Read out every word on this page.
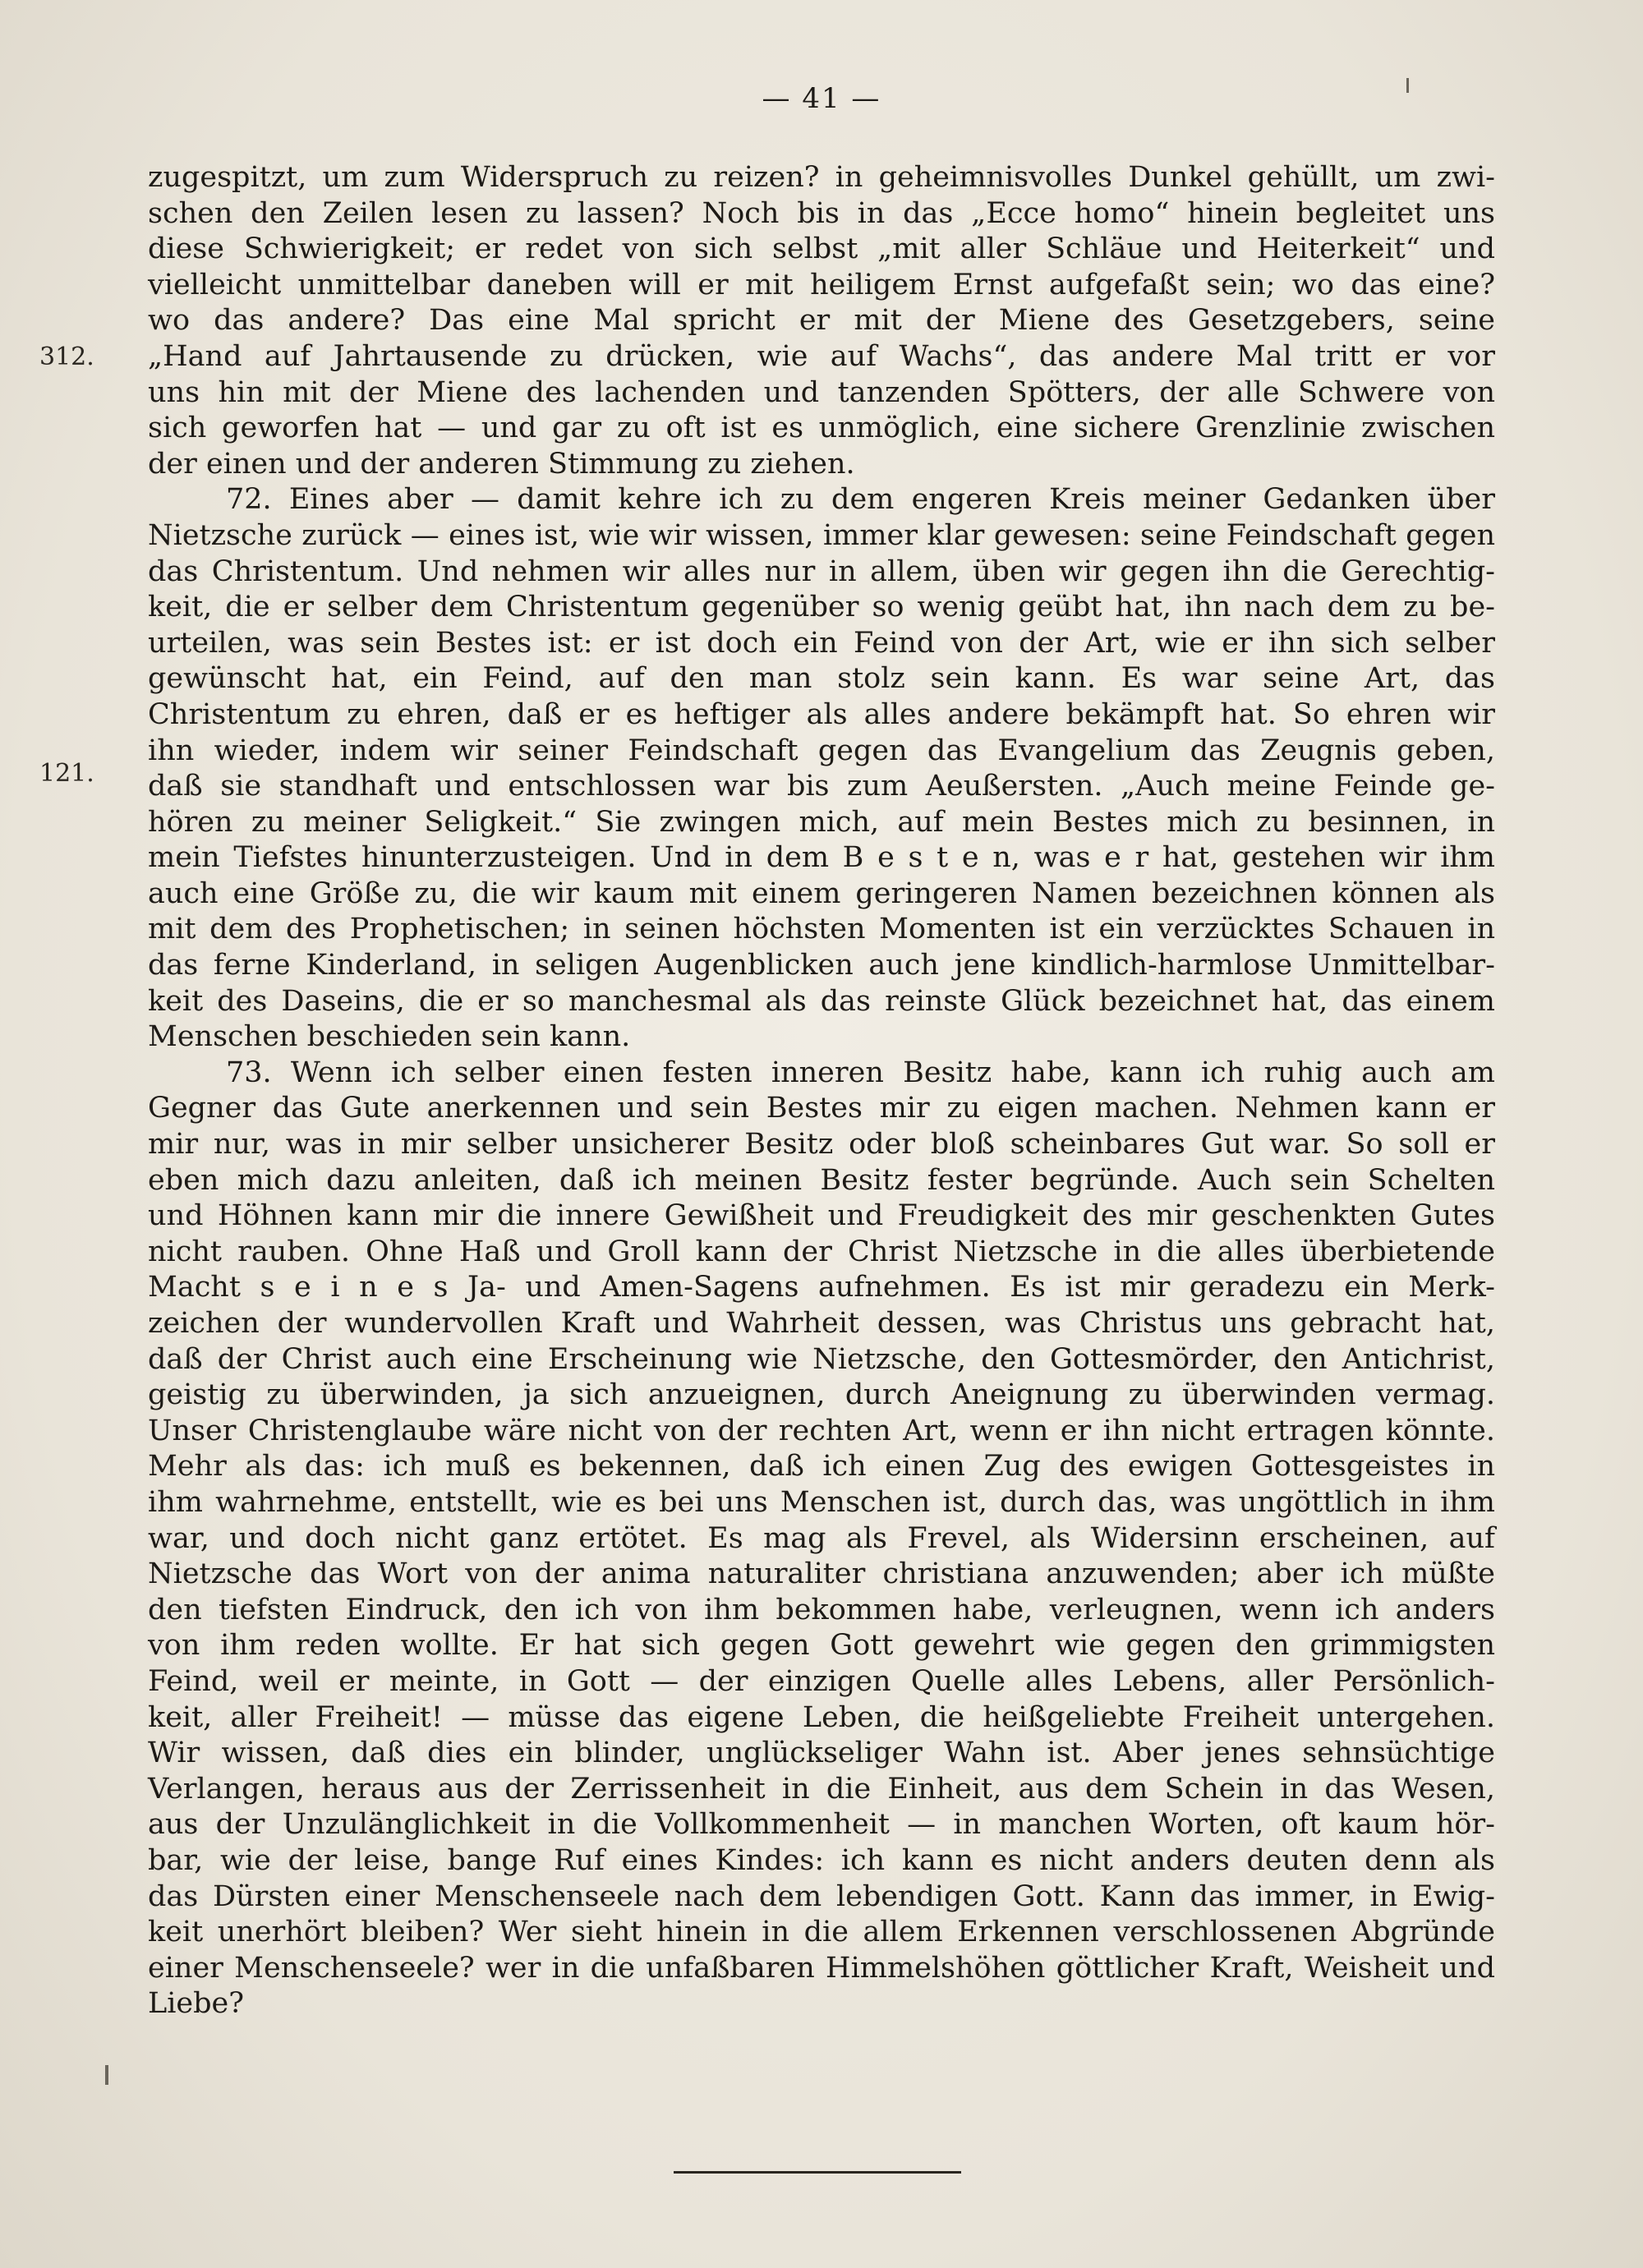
— 41 —
312.
121.
zugespitzt, um zum Widerspruch zu reizen? in geheimnisvolles Dunkel gehüllt, um zwi-
schen den Zeilen lesen zu lassen? Noch bis in das „Ecce homo“ hinein begleitet uns
diese Schwierigkeit; er redet von sich selbst „mit aller Schläue und Heiterkeit“ und
vielleicht unmittelbar daneben will er mit heiligem Ernst aufgefaßt sein; wo das eine?
wo das andere? Das eine Mal spricht er mit der Miene des Gesetzgebers, seine
„Hand auf Jahrtausende zu drücken, wie auf Wachs“, das andere Mal tritt er vor
uns hin mit der Miene des lachenden und tanzenden Spötters, der alle Schwere von
sich geworfen hat — und gar zu oft ist es unmöglich, eine sichere Grenzlinie zwischen
der einen und der anderen Stimmung zu ziehen.
72. Eines aber — damit kehre ich zu dem engeren Kreis meiner Gedanken über
Nietzsche zurück — eines ist, wie wir wissen, immer klar gewesen: seine Feindschaft gegen
das Christentum. Und nehmen wir alles nur in allem, üben wir gegen ihn die Gerechtig-
keit, die er selber dem Christentum gegenüber so wenig geübt hat, ihn nach dem zu be-
urteilen, was sein Bestes ist: er ist doch ein Feind von der Art, wie er ihn sich selber
gewünscht hat, ein Feind, auf den man stolz sein kann. Es war seine Art, das
Christentum zu ehren, daß er es heftiger als alles andere bekämpft hat. So ehren wir
ihn wieder, indem wir seiner Feindschaft gegen das Evangelium das Zeugnis geben,
daß sie standhaft und entschlossen war bis zum Aeußersten. „Auch meine Feinde ge-
hören zu meiner Seligkeit.“ Sie zwingen mich, auf mein Bestes mich zu besinnen, in
mein Tiefstes hinunterzusteigen. Und in dem B e s t e n, was e r hat, gestehen wir ihm
auch eine Größe zu, die wir kaum mit einem geringeren Namen bezeichnen können als
mit dem des Prophetischen; in seinen höchsten Momenten ist ein verzücktes Schauen in
das ferne Kinderland, in seligen Augenblicken auch jene kindlich-harmlose Unmittelbar-
keit des Daseins, die er so manchesmal als das reinste Glück bezeichnet hat, das einem
Menschen beschieden sein kann.
73. Wenn ich selber einen festen inneren Besitz habe, kann ich ruhig auch am
Gegner das Gute anerkennen und sein Bestes mir zu eigen machen. Nehmen kann er
mir nur, was in mir selber unsicherer Besitz oder bloß scheinbares Gut war. So soll er
eben mich dazu anleiten, daß ich meinen Besitz fester begründe. Auch sein Schelten
und Höhnen kann mir die innere Gewißheit und Freudigkeit des mir geschenkten Gutes
nicht rauben. Ohne Haß und Groll kann der Christ Nietzsche in die alles überbietende
Macht s e i n e s Ja- und Amen-Sagens aufnehmen. Es ist mir geradezu ein Merk-
zeichen der wundervollen Kraft und Wahrheit dessen, was Christus uns gebracht hat,
daß der Christ auch eine Erscheinung wie Nietzsche, den Gottesmörder, den Antichrist,
geistig zu überwinden, ja sich anzueignen, durch Aneignung zu überwinden vermag.
Unser Christenglaube wäre nicht von der rechten Art, wenn er ihn nicht ertragen könnte.
Mehr als das: ich muß es bekennen, daß ich einen Zug des ewigen Gottesgeistes in
ihm wahrnehme, entstellt, wie es bei uns Menschen ist, durch das, was ungöttlich in ihm
war, und doch nicht ganz ertötet. Es mag als Frevel, als Widersinn erscheinen, auf
Nietzsche das Wort von der anima naturaliter christiana anzuwenden; aber ich müßte
den tiefsten Eindruck, den ich von ihm bekommen habe, verleugnen, wenn ich anders
von ihm reden wollte. Er hat sich gegen Gott gewehrt wie gegen den grimmigsten
Feind, weil er meinte, in Gott — der einzigen Quelle alles Lebens, aller Persönlich-
keit, aller Freiheit! — müsse das eigene Leben, die heißgeliebte Freiheit untergehen.
Wir wissen, daß dies ein blinder, unglückseliger Wahn ist. Aber jenes sehnsüchtige
Verlangen, heraus aus der Zerrissenheit in die Einheit, aus dem Schein in das Wesen,
aus der Unzulänglichkeit in die Vollkommenheit — in manchen Worten, oft kaum hör-
bar, wie der leise, bange Ruf eines Kindes: ich kann es nicht anders deuten denn als
das Dürsten einer Menschenseele nach dem lebendigen Gott. Kann das immer, in Ewig-
keit unerhört bleiben? Wer sieht hinein in die allem Erkennen verschlossenen Abgründe
einer Menschenseele? wer in die unfaßbaren Himmelshöhen göttlicher Kraft, Weisheit und
Liebe?
